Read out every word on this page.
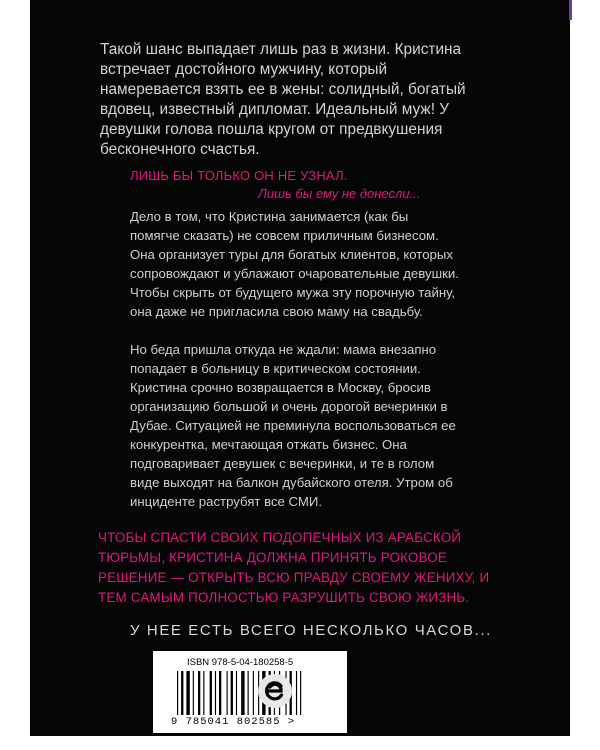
Такой шанс выпадает лишь раз в жизни. Кристина встречает достойного мужчину, который намеревается взять ее в жены: солидный, богатый вдовец, известный дипломат. Идеальный муж! У девушки голова пошла кругом от предвкушения бесконечного счастья.

ЛИШЬ БЫ ТОЛЬКО ОН НЕ УЗНАЛ.

Лишь бы ему не донесли...

Дело в том, что Кристина занимается (как бы помягче сказать) не совсем приличным бизнесом. Она организует туры для богатых клиентов, которых сопровождают и ублажают очаровательные девушки. Чтобы скрыть от будущего мужа эту порочную тайну, она даже не пригласила свою маму на свадьбу.

Но беда пришла откуда не ждали: мама внезапно попадает в больницу в критическом состоянии. Кристина срочно возвращается в Москву, бросив организацию большой и очень дорогой вечеринки в Дубае. Ситуацией не преминула воспользоваться ее конкурентка, мечтающая отжать бизнес. Она подговаривает девушек с вечеринки, и те в голом виде выходят на балкон дубайского отеля. Утром об инциденте раструбят все СМИ.

ЧТОБЫ СПАСТИ СВОИХ ПОДОПЕЧНЫХ ИЗ АРАБСКОЙ ТЮРЬМЫ, КРИСТИНА ДОЛЖНА ПРИНЯТЬ РОКОВОЕ РЕШЕНИЕ — ОТКРЫТЬ ВСЮ ПРАВДУ СВОЕМУ ЖЕНИХУ, И ТЕМ САМЫМ ПОЛНОСТЬЮ РАЗРУШИТЬ СВОЮ ЖИЗНЬ.

У НЕЕ ЕСТЬ ВСЕГО НЕСКОЛЬКО ЧАСОВ...

ISBN 978-5-04-180258-5

9 785041 802585 >
